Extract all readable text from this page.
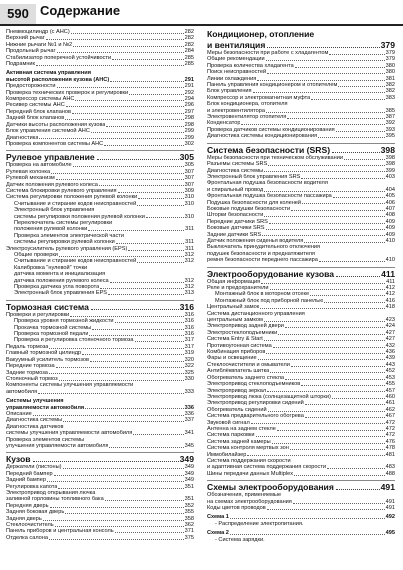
590 Содержание
Пневмоцилиндр (с АНС)	282
Верхний рычаг	282
Нижние рычаги №1 и №2	282
Продольный рычаг	284
Стабилизатор поперечной устойчивости	285
Подрамник	285
Активная система управления
высотой расположения кузова (АНС)	291
Предосторожности	291
Проверка технических проверок и регулировки	292
Компрессор системы АНС	294
Ресивер системы АНС	296
Передний блок клапанов	297
Задний блок клапанов	298
Датчики высоты расположения кузова	298
Блок управления системой АНС	299
Диагностика	299
Проверка компонентов системы АНС	302
Рулевое управление	305
Проверка на автомобиле	305
Рулевая колонка	307
Рулевой механизм	307
Датчик положения рулевого колеса	307
Система блокировки рулевого управления	309
Система регулировки положения рулевой колонки	310
Считывание и стирание кодов неисправностей	310
Электронный блок управления
системы регулировки положения рулевой колонки	310
Переключатель системы регулировки
положения рулевой колонки	311
Проверка элементов электрической части
системы регулировки рулевой колонки	311
Электроусилитель рулевого управления (EPS)	311
Общие проверки	312
Считывание и стирание кодов неисправностей	312
Калибровка "нулевой" точки
датчика момента и инициализация
датчика положения рулевого колеса	312
Проверка датчика угла поворота	312
Электронный блок управления EPS	313
Тормозная система	316
Проверки и регулировки	316
Проверка уровня тормозной жидкости	316
Прокачка тормозной системы	316
Проверка тормозной педали	316
Проверка и регулировка стояночного тормоза	317
Педаль тормоза	317
Главный тормозной цилиндр	319
Вакуумный усилитель тормозов	320
Передние тормоза	322
Задние тормоза	325
Стояночный тормоз	330
Компоненты системы улучшения управляемости
автомобиля	333
Системы улучшения
управляемости автомобиля	336
Описание	336
Диагностика системы	337
Диагностика датчиков
системы улучшения управляемости автомобиля	341
Проверка элементов системы
улучшения управляемости автомобиля	345
Кузов	349
Держатели (пистоны)	349
Передний бампер	349
Задний бампер	349
Регулировка капота	351
Электропривод открывания лючка
заливной горловины топливного бака	351
Передняя дверь	352
Задняя боковая дверь	355
Задняя дверь	358
Стеклоочиститель	362
Панель приборов и центральная консоль	371
Отделка салона	375
Кондиционер, отопление
и вентиляция	379
Меры безопасности при работе с хладагентом	379
Общие рекомендации	379
Проверка количества хладагента	380
Поиск неисправностей	380
Линии охлаждения	381
Панель управления кондиционером и отопителем	382
Блок управления	382
Компрессор и электромагнитная муфта	383
Блок кондиционера, отопителя
и электровентилятора	385
Электровентилятор отопителя	387
Конденсатор	392
Проверка датчиков системы кондиционирования	393
Диагностика системы кондиционирования	395
Система безопасности (SRS)	398
Меры безопасности при техническом обслуживании	398
Разъемы системы SRS	398
Диагностика системы	399
Электронный блок управления SRS	403
Фронтальная подушка безопасности водителя
и спиральный провод	404
Фронтальная подушка безопасности пассажира	405
Подушка безопасности для коленей	406
Боковые подушки безопасности	407
Шторки безопасности	408
Передние датчики SRS	409
Боковые датчики SRS	409
Задние датчики SRS	409
Датчик положения сиденья водителя	410
Выключатель принудительного отключения
подушек безопасности и преднатяжителя
ремня безопасности переднего пассажира	410
Электрооборудование кузова	411
Общая информация	411
Реле и предохранители	412
Монтажный блок в моторном отсеке	412
Монтажный блок под приборной панелью	416
Центральный замок	418
Система дистанционного управления
центральным замком	423
Электропривод задней двери	424
Электростеклоподъемники	427
Система Entry & Start	427
Противоугонная система	432
Комбинация приборов	436
Фары и освещение	439
Стеклоочистители и омыватели	443
Антиблёквпатель шитка	452
Обогреватель заднего стекла	453
Электропривод стеклоподъемников	455
Электропривод зеркал	457
Электропривод люка (солнцезащитной шторки)	460
Электропривод регулировки сидений	461
Обогреватель сидений	462
Система предварительного обогрева	467
Звуковой сигнал	472
Антенна на заднем стекле	472
Система парковки	472
Система задней камеры	476
Система контроля мертвых зон	478
Иммобилайзер	481
Система поддержания скорости
и адаптивная система поддержания скорости	483
Шины передачи данных Multiplex	488
Схемы электрооборудования	491
Обозначения, применяемые
на схемах электрооборудования	491
Коды цветов проводов	491
Схема 1	492
- Распределение электропитания.
Схема 2	495
- Система зарядки.
